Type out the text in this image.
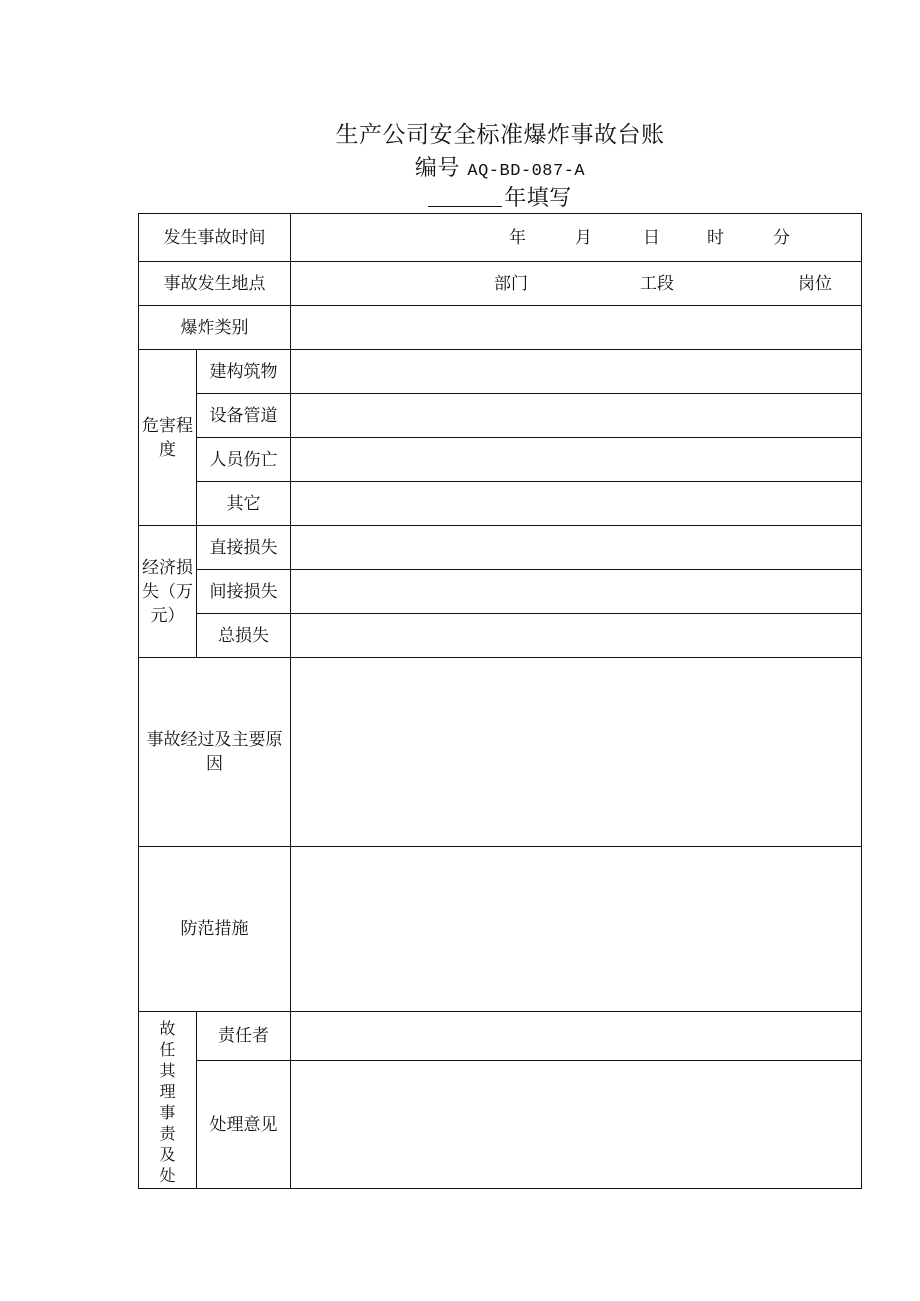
生产公司安全标准爆炸事故台账
编号 AQ-BD-087-A
年填写
发生事故时间		年 月 日 时 分

事故发生地点		部门 工段 岗位

爆炸类别		
危害程度	建构筑物	
	设备管道	
	人员伤亡	
	其它	
经济损失（万元）	直接损失	
	间接损失	
	总损失	
事故经过及主要原因		
防范措施		
故任其理事责及处	责任者	
	处理意见	
